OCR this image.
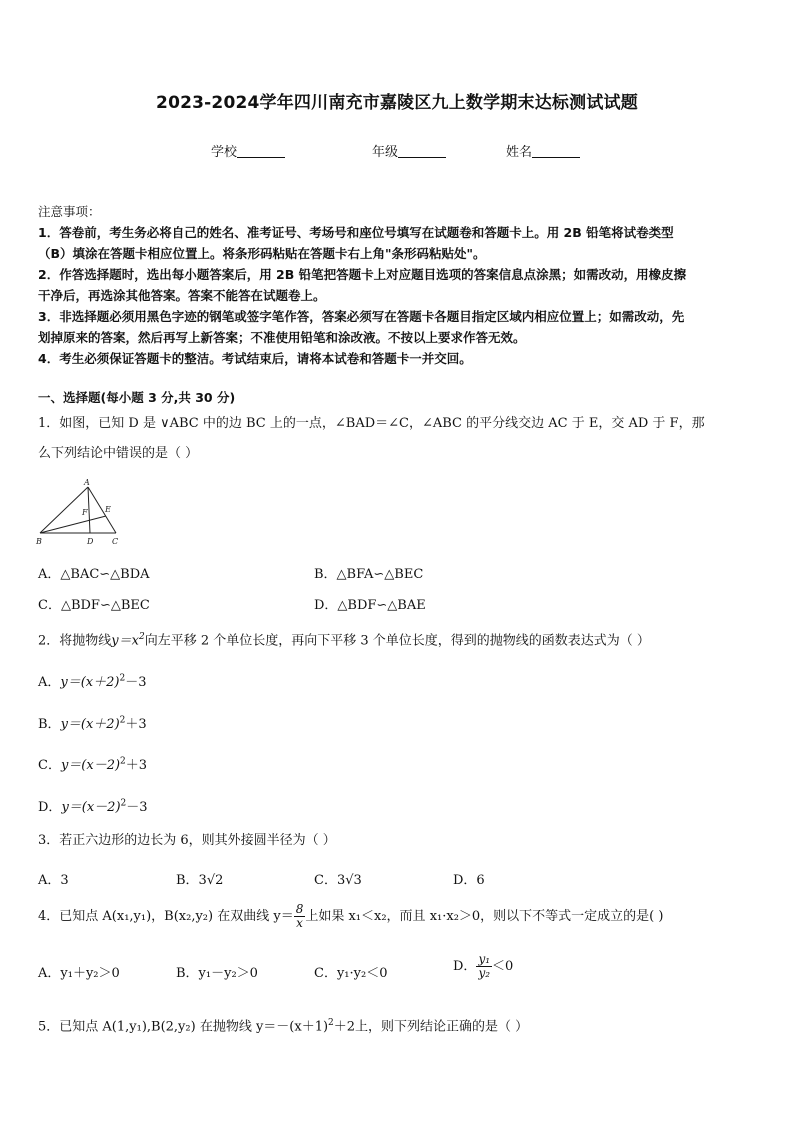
2023-2024学年四川南充市嘉陵区九上数学期末达标测试试题
学校	年级	姓名
注意事项：
1．答卷前，考生务必将自己的姓名、准考证号、考场号和座位号填写在试题卷和答题卡上。用 2B 铅笔将试卷类型
（B）填涂在答题卡相应位置上。将条形码粘贴在答题卡右上角"条形码粘贴处"。
2．作答选择题时，选出每小题答案后，用 2B 铅笔把答题卡上对应题目选项的答案信息点涂黑；如需改动，用橡皮擦
干净后，再选涂其他答案。答案不能答在试题卷上。
3．非选择题必须用黑色字迹的钢笔或签字笔作答，答案必须写在答题卡各题目指定区域内相应位置上；如需改动，先
划掉原来的答案，然后再写上新答案；不准使用铅笔和涂改液。不按以上要求作答无效。
4．考生必须保证答题卡的整洁。考试结束后，请将本试卷和答题卡一并交回。
一、选择题(每小题 3 分,共 30 分)
1．如图，已知 D 是 ∨ABC 中的边 BC 上的一点，∠BAD＝∠C，∠ABC 的平分线交边 AC 于 E，交 AD 于 F，那
么下列结论中错误的是（ ）
A
F E
B	D C
A．△BAC∽△BDA	B．△BFA∽△BEC
C．△BDF∽△BEC	D．△BDF∽△BAE
2．将抛物线$y=x^2$向左平移 2 个单位长度，再向下平移 3 个单位长度，得到的抛物线的函数表达式为（ ）
A．$y=(x+2)^2-3$
B．$y=(x+2)^2+3$
C．$y=(x-2)^2+3$
D．$y=(x-2)^2-3$
3．若正六边形的边长为 6，则其外接圆半径为（ ）
A．3	B．3√2	C．3√3	D．6
4．已知点 A(x₁,y₁)，B(x₂,y₂) 在双曲线 $y= \frac{8}{x}$ 上如果 x₁＜x₂，而且 x₁·x₂＞0，则以下不等式一定成立的是( )
A．y₁＋y₂＞0	B．y₁－y₂＞0	C．y₁·y₂＜0	D． $\frac{\text{y₁}}{\text{y₂}} <0$
5．已知点 A(1,y₁),B(2,y₂) 在抛物线 $y=-(x+1)^2+2$上，则下列结论正确的是（ ）
